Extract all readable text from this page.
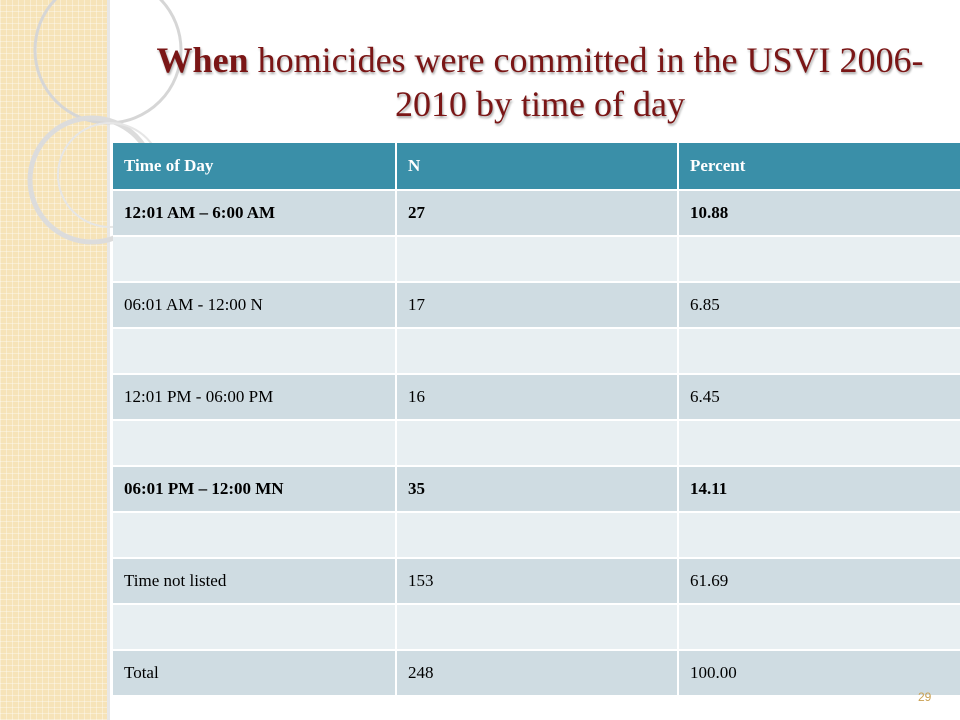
When homicides were committed in the USVI 2006-2010 by time of day
Time of Day	N	Percent
12:01 AM – 6:00 AM	27	10.88

06:01 AM - 12:00 N	17	6.85

12:01 PM - 06:00 PM	16	6.45

06:01 PM – 12:00 MN	35	14.11

Time not listed	153	61.69

Total	248	100.00
29
